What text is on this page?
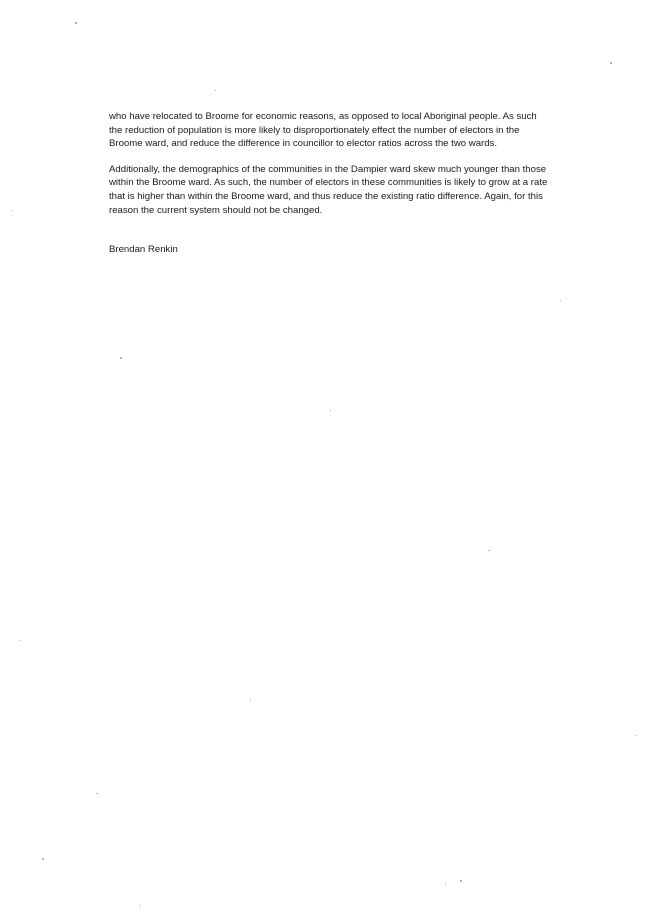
who have relocated to Broome for economic reasons, as opposed to local Aboriginal people. As such the reduction of population is more likely to disproportionately effect the number of electors in the Broome ward, and reduce the difference in councillor to elector ratios across the two wards.

Additionally, the demographics of the communities in the Dampier ward skew much younger than those within the Broome ward. As such, the number of electors in these communities is likely to grow at a rate that is higher than within the Broome ward, and thus reduce the existing ratio difference. Again, for this reason the current system should not be changed.

Brendan Renkin
